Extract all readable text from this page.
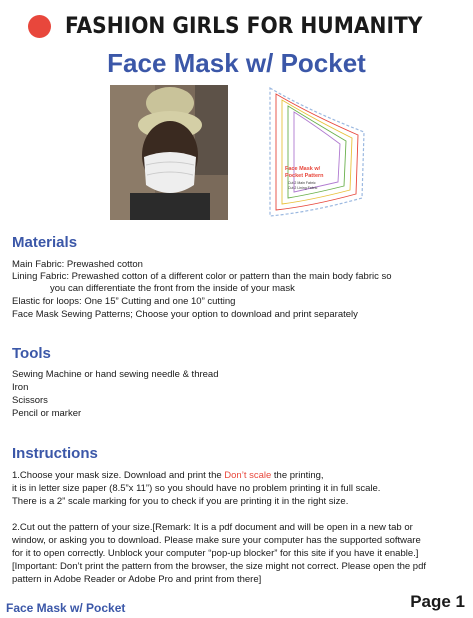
FASHION GIRLS FOR HUMANITY
Face Mask w/ Pocket
Face Mask w/
Pocket Pattern
Cut 2 Main Fabric
Cut 2 Lining Fabric
Materials
Main Fabric: Prewashed cotton
Lining Fabric: Prewashed cotton of a different color or pattern than the main body fabric so
you can differentiate the front from the inside of your mask
Elastic for loops: One 15” Cutting and one 10” cutting
Face Mask Sewing Patterns; Choose your option to download and print separately
Tools
Sewing Machine or hand sewing needle & thread
Iron
Scissors
Pencil or marker
Instructions
1.Choose your mask size. Download and print the Don’t scale the printing,
it is in letter size paper (8.5”x 11”) so you should have no problem printing it in full scale.
There is a 2” scale marking for you to check if you are printing it in the right size.
2.Cut out the pattern of your size.[Remark: It is a pdf document and will be open in a new tab or
window, or asking you to download. Please make sure your computer has the supported software
for it to open correctly. Unblock your computer “pop-up blocker” for this site if you have it enable.]
[Important: Don’t print the pattern from the browser, the size might not correct. Please open the pdf
pattern in Adobe Reader or Adobe Pro and print from there]
Face Mask w/ Pocket	Page 1
